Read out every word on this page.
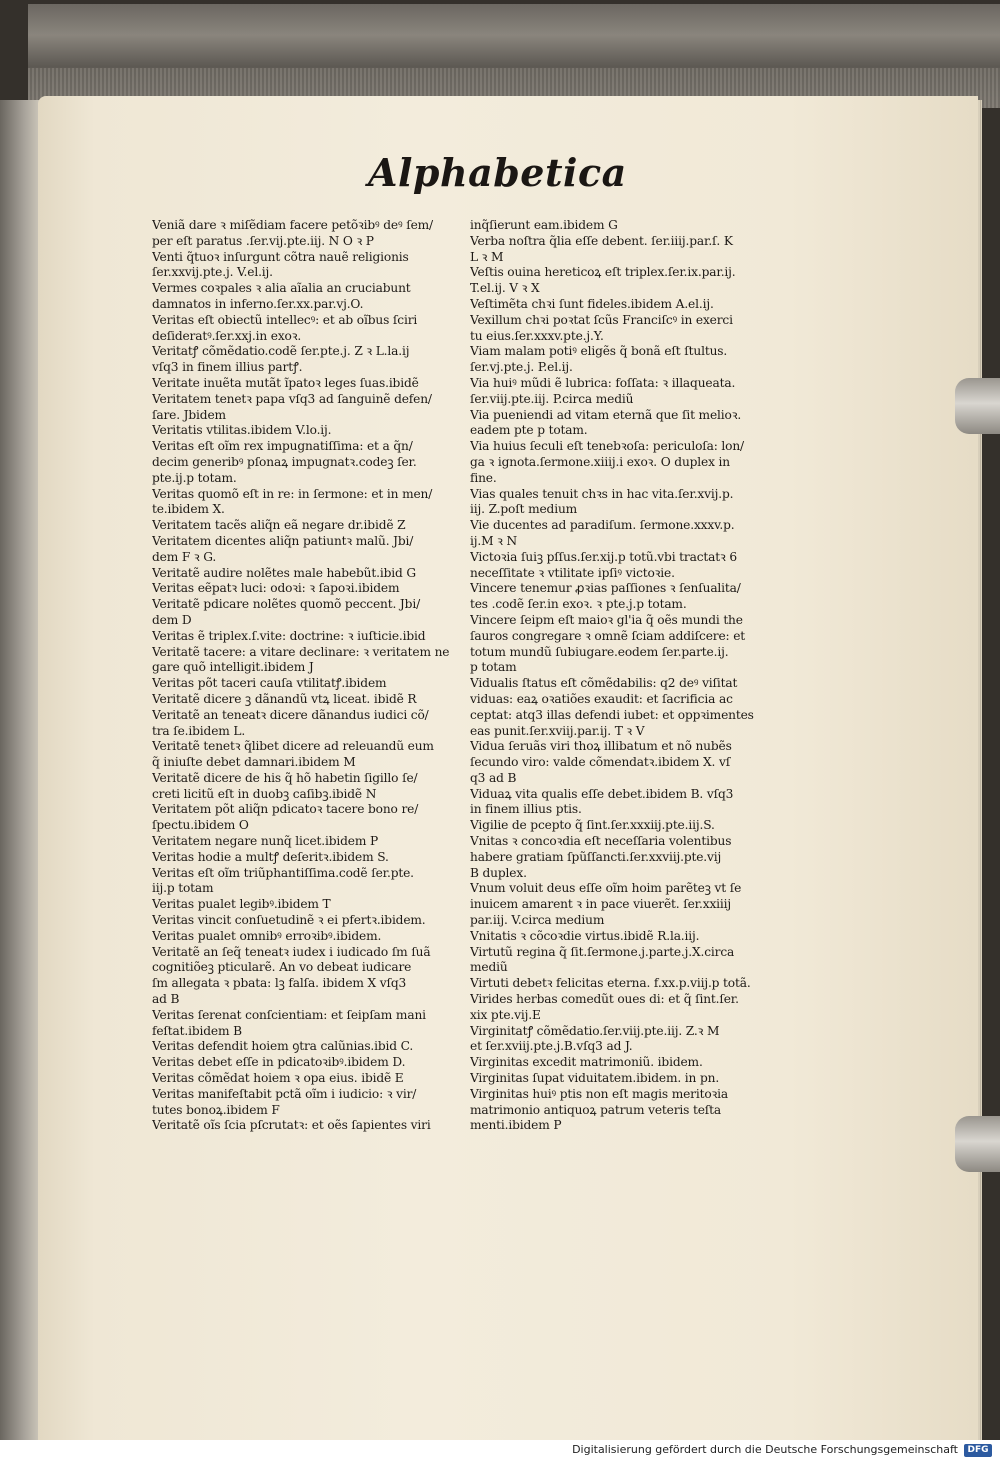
Alphabetica
Veniã dare ꝛ miſẽdiam facere petõꝛibꝰ deꝰ ſem/
per eſt paratus .ſer.vij.pte.iij. N O ꝛ P
Venti q̃tuoꝛ inſurgunt cõtra nauẽ religionis
ſer.xxvij.pte.j. V.el.ij.
Vermes coꝛpales ꝛ alia aĩalia an cruciabunt
damnatos in inferno.ſer.xx.par.vj.O.
Veritas eſt obiectũ intellecꝰ: et ab oĩbus ſciri
deſideratꝰ.ſer.xxj.in exoꝛ.
Veritatꝭ cõmẽdatio.codẽ ſer.pte.j. Z ꝛ L.la.ij
vſq3 in finem illius partꝭ.
Veritate inuẽta mutãt ĩpatoꝛ leges ſuas.ibidẽ
Veritatem tenetꝛ papa vſq3 ad ſanguinẽ defen/
ſare. Jbidem
Veritatis vtilitas.ibidem V.lo.ij.
Veritas eſt oĩm rex impugnatiſſima: et a q̃n/
decim generibꝰ pſonaꝝ impugnatꝛ.codeꝫ ſer.
pte.ij.p totam.
Veritas quomõ eſt in re: in ſermone: et in men/
te.ibidem X.
Veritatem tacẽs aliq̃n eã negare dr.ibidẽ Z
Veritatem dicentes aliq̃n patiuntꝛ malũ. Jbi/
dem F ꝛ G.
Veritatẽ audire nolẽtes male habebũt.ibid G
Veritas eẽpatꝛ luci: odoꝛi: ꝛ ſapoꝛi.ibidem
Veritatẽ pdicare nolẽtes quomõ peccent. Jbi/
dem D
Veritas ẽ triplex.ſ.vite: doctrine: ꝛ iuſticie.ibid
Veritatẽ tacere: a vitare declinare: ꝛ veritatem ne
gare quõ intelligit.ibidem J
Veritas põt taceri cauſa vtilitatꝭ.ibidem
Veritatẽ dicere ꝫ dãnandũ vtꝝ liceat. ibidẽ R
Veritatẽ an teneatꝛ dicere dãnandus iudici cõ/
tra ſe.ibidem L.
Veritatẽ tenetꝛ q̃libet dicere ad releuandũ eum
q̃ iniuſte debet damnari.ibidem M
Veritatẽ dicere de his q̃ hõ habetin ſigillo ſe/
creti licitũ eſt in duobꝫ caſibꝫ.ibidẽ N
Veritatem põt aliq̃n pdicatoꝛ tacere bono re/
ſpectu.ibidem O
Veritatem negare nunq̃ licet.ibidem P
Veritas hodie a multꝭ deſeritꝛ.ibidem S.
Veritas eſt oĩm triũphantiſſima.codẽ ſer.pte.
iij.p totam
Veritas pualet legibꝰ.ibidem T
Veritas vincit conſuetudinẽ ꝛ ei pfertꝛ.ibidem.
Veritas pualet omnibꝰ erroꝛibꝰ.ibidem.
Veritatẽ an ſeq̃ teneatꝛ iudex i iudicado ſm ſuã
cognitiõeꝫ pticularẽ. An vo debeat iudicare
ſm allegata ꝛ pbata: lꝫ falſa. ibidem X vſq3
ad B
Veritas ſerenat conſcientiam: et ſeipſam mani
feſtat.ibidem B
Veritas defendit hoiem ꝯtra calũnias.ibid C.
Veritas debet eſſe in pdicatoꝛibꝰ.ibidem D.
Veritas cõmẽdat hoiem ꝛ opa eius. ibidẽ E
Veritas manifeſtabit pctã oĩm i iudicio: ꝛ vir/
tutes bonoꝝ.ibidem F
Veritatẽ oĩs ſcia pſcrutatꝛ: et oẽs ſapientes viri
inq̃ſierunt eam.ibidem G
Verba noſtra q̃lia eſſe debent. ſer.iiij.par.ſ. K
L ꝛ M
Veſtis ouina hereticoꝝ eſt triplex.ſer.ix.par.ij.
T.el.ij. V ꝛ X
Veſtimẽta chꝛi ſunt fideles.ibidem A.el.ij.
Vexillum chꝛi poꝛtat ſcũs Franciſcꝰ in exerci
tu eius.ſer.xxxv.pte.j.Y.
Viam malam potiꝰ eligẽs q̃ bonã eſt ſtultus.
ſer.vj.pte.j. P.el.ij.
Via huiꝰ mũdi ẽ lubrica: foſſata: ꝛ illaqueata.
ſer.viij.pte.iij. P.circa mediũ
Via pueniendi ad vitam eternã que ſit melioꝛ.
eadem pte p totam.
Via huius ſeculi eſt tenebꝛoſa: periculoſa: lon/
ga ꝛ ignota.ſermone.xiiij.i exoꝛ. O duplex in
fine.
Vias quales tenuit chꝛs in hac vita.ſer.xvij.p.
iij. Z.poſt medium
Vie ducentes ad paradiſum. ſermone.xxxv.p.
ij.M ꝛ N
Victoꝛia ſuiꝫ pſſus.ſer.xij.p totũ.vbi tractatꝛ 6
neceſſitate ꝛ vtilitate ipſiꝰ victoꝛie.
Vincere tenemur ꝓꝛias paſſiones ꝛ ſenſualita/
tes .codẽ ſer.in exoꝛ. ꝛ pte.j.p totam.
Vincere ſeipm eſt maioꝛ gl'ia q̃ oẽs mundi the
ſauros congregare ꝛ omnẽ ſciam addiſcere: et
totum mundũ ſubiugare.eodem ſer.parte.ij.
p totam
Vidualis ſtatus eſt cõmẽdabilis: q2 deꝰ viſitat
viduas: eaꝝ oꝛatiões exaudit: et ſacrificia ac
ceptat: atq3 illas defendi iubet: et oppꝛimentes
eas punit.ſer.xviij.par.ij. T ꝛ V
Vidua ſeruãs viri thoꝝ illibatum et nõ nubẽs
ſecundo viro: valde cõmendatꝛ.ibidem X. vſ
q3 ad B
Viduaꝝ vita qualis eſſe debet.ibidem B. vſq3
in finem illius ptis.
Vigilie de pcepto q̃ ſint.ſer.xxxiij.pte.iij.S.
Vnitas ꝛ concoꝛdia eſt neceſſaria volentibus
habere gratiam ſpũſſancti.ſer.xxviij.pte.vij
B duplex.
Vnum voluit deus eſſe oĩm hoim parẽteꝫ vt ſe
inuicem amarent ꝛ in pace viuerẽt. ſer.xxiiij
par.iij. V.circa medium
Vnitatis ꝛ cõcoꝛdie virtus.ibidẽ R.la.iij.
Virtutũ regina q̃ ſit.ſermone.j.parte.j.X.circa
mediũ
Virtuti debetꝛ felicitas eterna. f.xx.p.viij.p totã.
Virides herbas comedũt oues di: et q̃ ſint.ſer.
xix pte.vij.E
Virginitatꝭ cõmẽdatio.ſer.viij.pte.iij. Z.ꝛ M
et ſer.xviij.pte.j.B.vſq3 ad J.
Virginitas excedit matrimoniũ. ibidem.
Virginitas ſupat viduitatem.ibidem. in pn.
Virginitas huiꝰ ptis non eſt magis meritoꝛia
matrimonio antiquoꝝ patrum veteris teſta
menti.ibidem P
Digitalisierung gefördert durch die Deutsche Forschungsgemeinschaft	DFG
